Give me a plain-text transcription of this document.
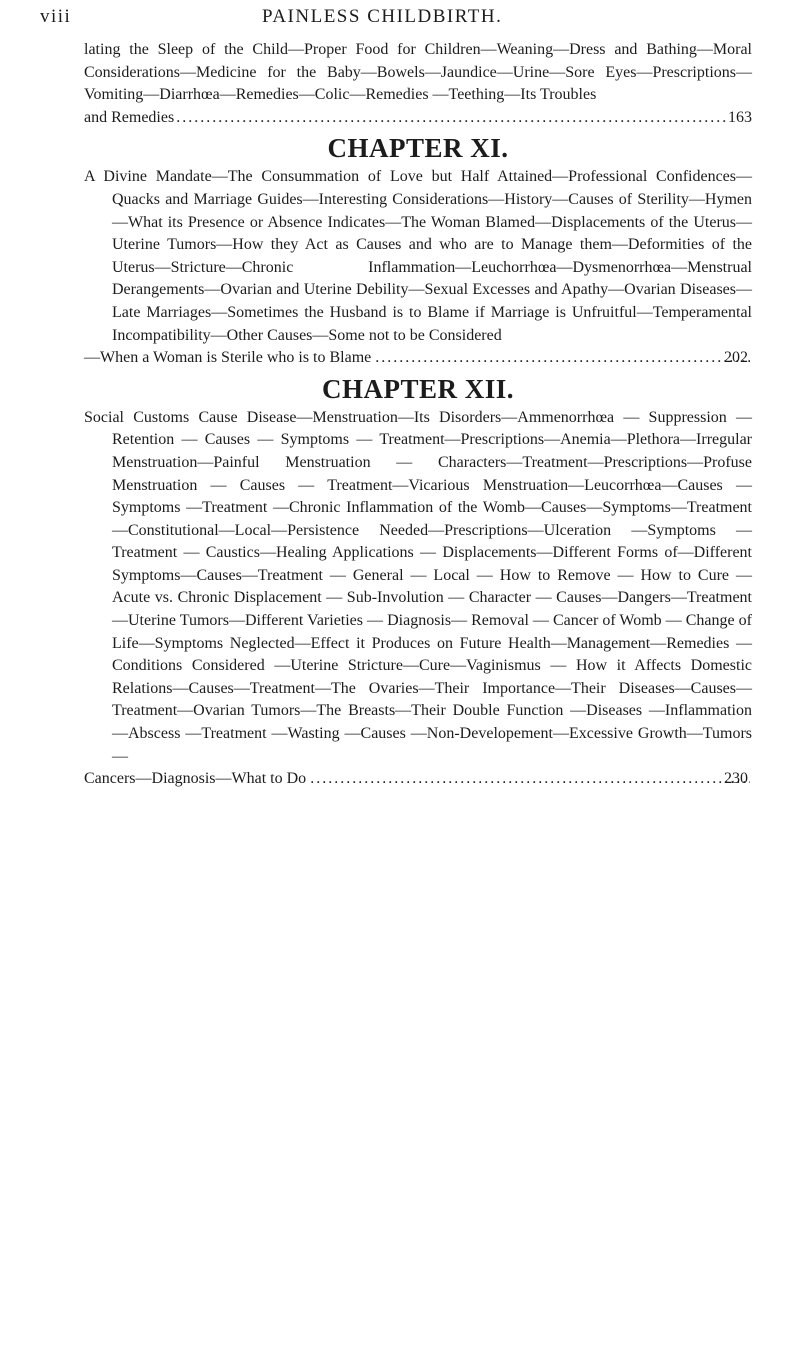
viii	PAINLESS CHILDBIRTH.

lating the Sleep of the Child—Proper Food for Children—Weaning—Dress and Bathing—Moral Considerations—Medicine for the Baby—Bowels—Jaundice—Urine—Sore Eyes—Prescriptions—Vomiting—Diarrhœa—Remedies—Colic—Remedies —Teething—Its Troubles
and Remedies .....	163

CHAPTER XI.

A Divine Mandate—The Consummation of Love but Half Attained—Professional Confidences—Quacks and Marriage Guides—Interesting Considerations—History—Causes of Sterility—Hymen—What its Presence or Absence Indicates—The Woman Blamed—Displacements of the Uterus—Uterine Tumors—How they Act as Causes and who are to Manage them—Deformities of the Uterus—Stricture—Chronic Inflammation—Leuchorrhœa—Dysmenorrhœa—Menstrual Derangements—Ovarian and Uterine Debility—Sexual Excesses and Apathy—Ovarian Diseases—Late Marriages—Sometimes the Husband is to Blame if Marriage is Unfruitful—Temperamental Incompatibility—Other Causes—Some not to be Considered
—When a Woman is Sterile who is to Blame .....	202

CHAPTER XII.

Social Customs Cause Disease—Menstruation—Its Disorders—Ammenorrhœa — Suppression — Retention — Causes — Symptoms — Treatment—Prescriptions—Anemia—Plethora—Irregular Menstruation—Painful Menstruation — Characters—Treatment—Prescriptions—Profuse Menstruation — Causes — Treatment—Vicarious Menstruation—Leucorrhœa—Causes —Symptoms —Treatment —Chronic Inflammation of the Womb—Causes—Symptoms—Treatment—Constitutional—Local—Persistence Needed—Prescriptions—Ulceration —Symptoms —Treatment — Caustics—Healing Applications — Displacements—Different Forms of—Different Symptoms—Causes—Treatment — General — Local — How to Remove — How to Cure — Acute vs. Chronic Displacement — Sub-Involution — Character — Causes—Dangers—Treatment—Uterine Tumors—Different Varieties — Diagnosis— Removal — Cancer of Womb — Change of Life—Symptoms Neglected—Effect it Produces on Future Health—Management—Remedies — Conditions Considered —Uterine Stricture—Cure—Vaginismus — How it Affects Domestic Relations—Causes—Treatment—The Ovaries—Their Importance—Their Diseases—Causes—Treatment—Ovarian Tumors—The Breasts—Their Double Function —Diseases —Inflammation —Abscess —Treatment —Wasting —Causes —Non-Developement—Excessive Growth—Tumors—
Cancers—Diagnosis—What to Do .....	230
